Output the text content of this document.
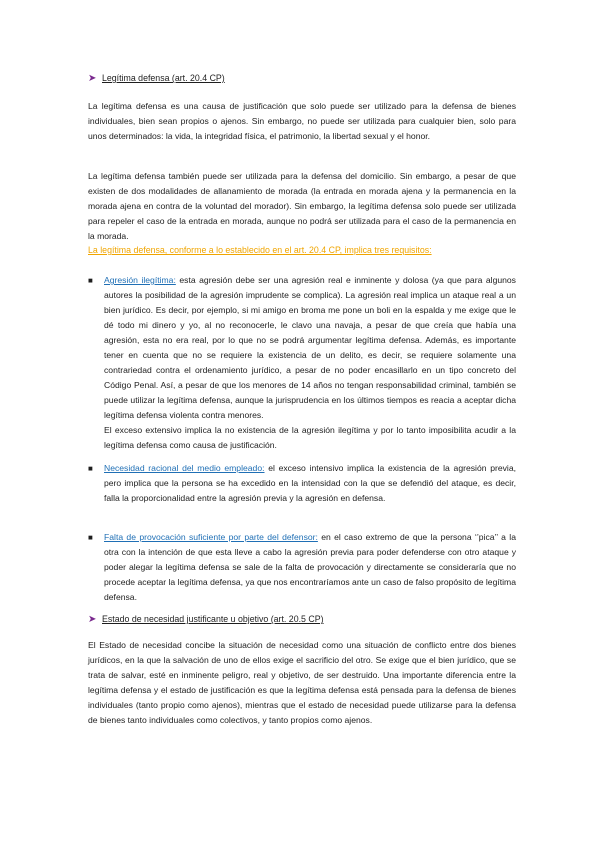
➤ Legítima defensa (art. 20.4 CP)

La legítima defensa es una causa de justificación que solo puede ser utilizado para la defensa de bienes individuales, bien sean propios o ajenos. Sin embargo, no puede ser utilizada para cualquier bien, solo para unos determinados: la vida, la integridad física, el patrimonio, la libertad sexual y el honor.

La legítima defensa también puede ser utilizada para la defensa del domicilio. Sin embargo, a pesar de que existen de dos modalidades de allanamiento de morada (la entrada en morada ajena y la permanencia en la morada ajena en contra de la voluntad del morador). Sin embargo, la legítima defensa solo puede ser utilizada para repeler el caso de la entrada en morada, aunque no podrá ser utilizada para el caso de la permanencia en la morada.

La legítima defensa, conforme a lo establecido en el art. 20.4 CP, implica tres requisitos:
■ Agresión ilegítima: esta agresión debe ser una agresión real e inminente y dolosa (ya que para algunos autores la posibilidad de la agresión imprudente se complica). La agresión real implica un ataque real a un bien jurídico. Es decir, por ejemplo, si mi amigo en broma me pone un boli en la espalda y me exige que le dé todo mi dinero y yo, al no reconocerle, le clavo una navaja, a pesar de que creía que había una agresión, esta no era real, por lo que no se podrá argumentar legítima defensa. Además, es importante tener en cuenta que no se requiere la existencia de un delito, es decir, se requiere solamente una contrariedad contra el ordenamiento jurídico, a pesar de no poder encasillarlo en un tipo concreto del Código Penal. Así, a pesar de que los menores de 14 años no tengan responsabilidad criminal, también se puede utilizar la legítima defensa, aunque la jurisprudencia en los últimos tiempos es reacia a aceptar dicha legítima defensa violenta contra menores.
El exceso extensivo implica la no existencia de la agresión ilegítima y por lo tanto imposibilita acudir a la legítima defensa como causa de justificación.
■ Necesidad racional del medio empleado: el exceso intensivo implica la existencia de la agresión previa, pero implica que la persona se ha excedido en la intensidad con la que se defendió del ataque, es decir, falla la proporcionalidad entre la agresión previa y la agresión en defensa.
■ Falta de provocación suficiente por parte del defensor: en el caso extremo de que la persona ‘’pica’’ a la otra con la intención de que esta lleve a cabo la agresión previa para poder defenderse con otro ataque y poder alegar la legítima defensa se sale de la falta de provocación y directamente se consideraría que no procede aceptar la legítima defensa, ya que nos encontraríamos ante un caso de falso propósito de legítima defensa.
➤ Estado de necesidad justificante u objetivo (art. 20.5 CP)

El Estado de necesidad concibe la situación de necesidad como una situación de conflicto entre dos bienes jurídicos, en la que la salvación de uno de ellos exige el sacrificio del otro. Se exige que el bien jurídico, que se trata de salvar, esté en inminente peligro, real y objetivo, de ser destruido. Una importante diferencia entre la legítima defensa y el estado de justificación es que la legítima defensa está pensada para la defensa de bienes individuales (tanto propio como ajenos), mientras que el estado de necesidad puede utilizarse para la defensa de bienes tanto individuales como colectivos, y tanto propios como ajenos.
